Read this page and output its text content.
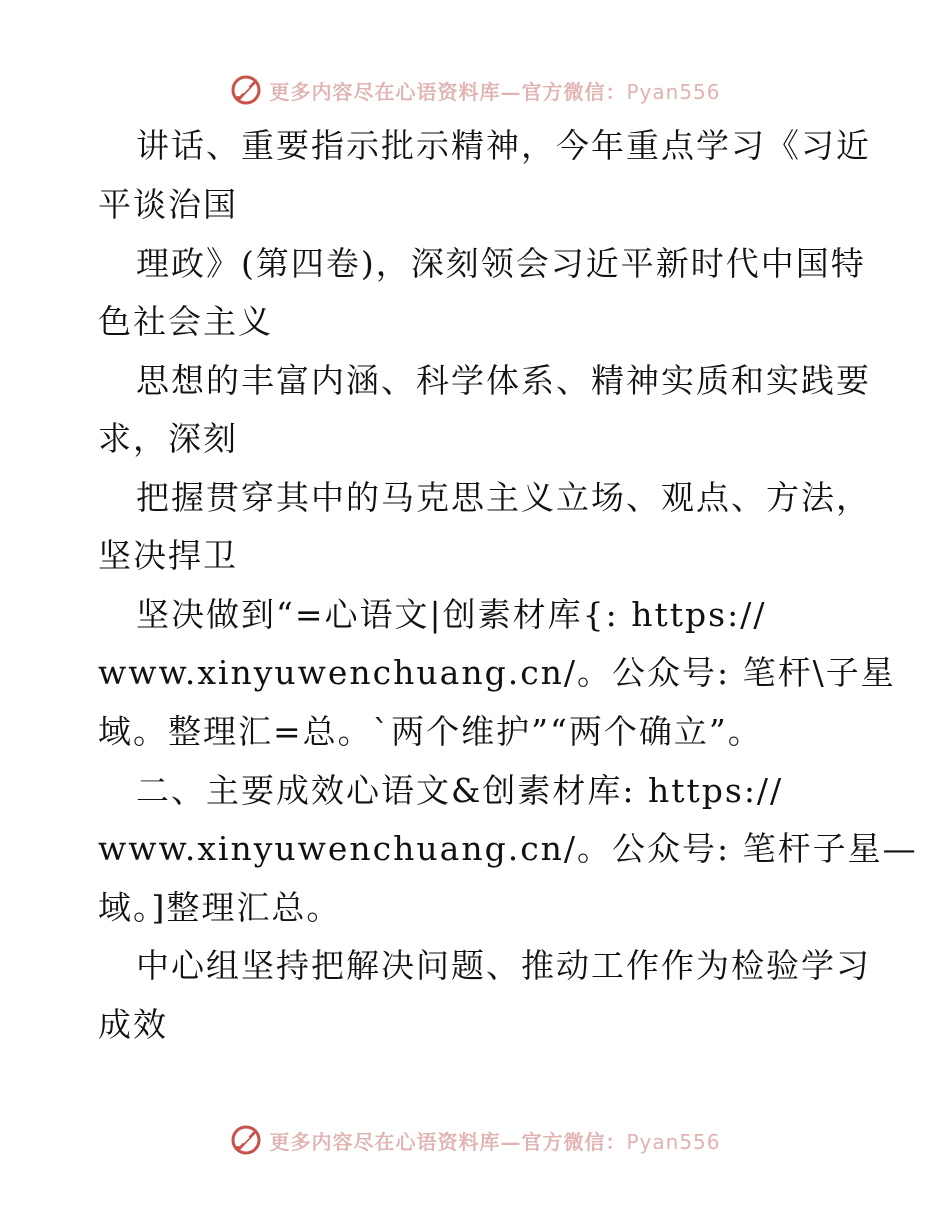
更多内容尽在心语资料库—官方微信：Pyan556
讲话、重要指示批示精神，今年重点学习《习近
平谈治国
理政》(第四卷)，深刻领会习近平新时代中国特
色社会主义
思想的丰富内涵、科学体系、精神实质和实践要
求，深刻
把握贯穿其中的马克思主义立场、观点、方法，
坚决捍卫
坚决做到“=心语文|创素材库{: https://
www.xinyuwenchuang.cn/。公众号: 笔杆\子星
域。整理汇=总。`两个维护”“两个确立”。
二、主要成效心语文&创素材库: https://
www.xinyuwenchuang.cn/。公众号: 笔杆子星—
域。]整理汇总。
中心组坚持把解决问题、推动工作作为检验学习
成效
更多内容尽在心语资料库—官方微信：Pyan556
